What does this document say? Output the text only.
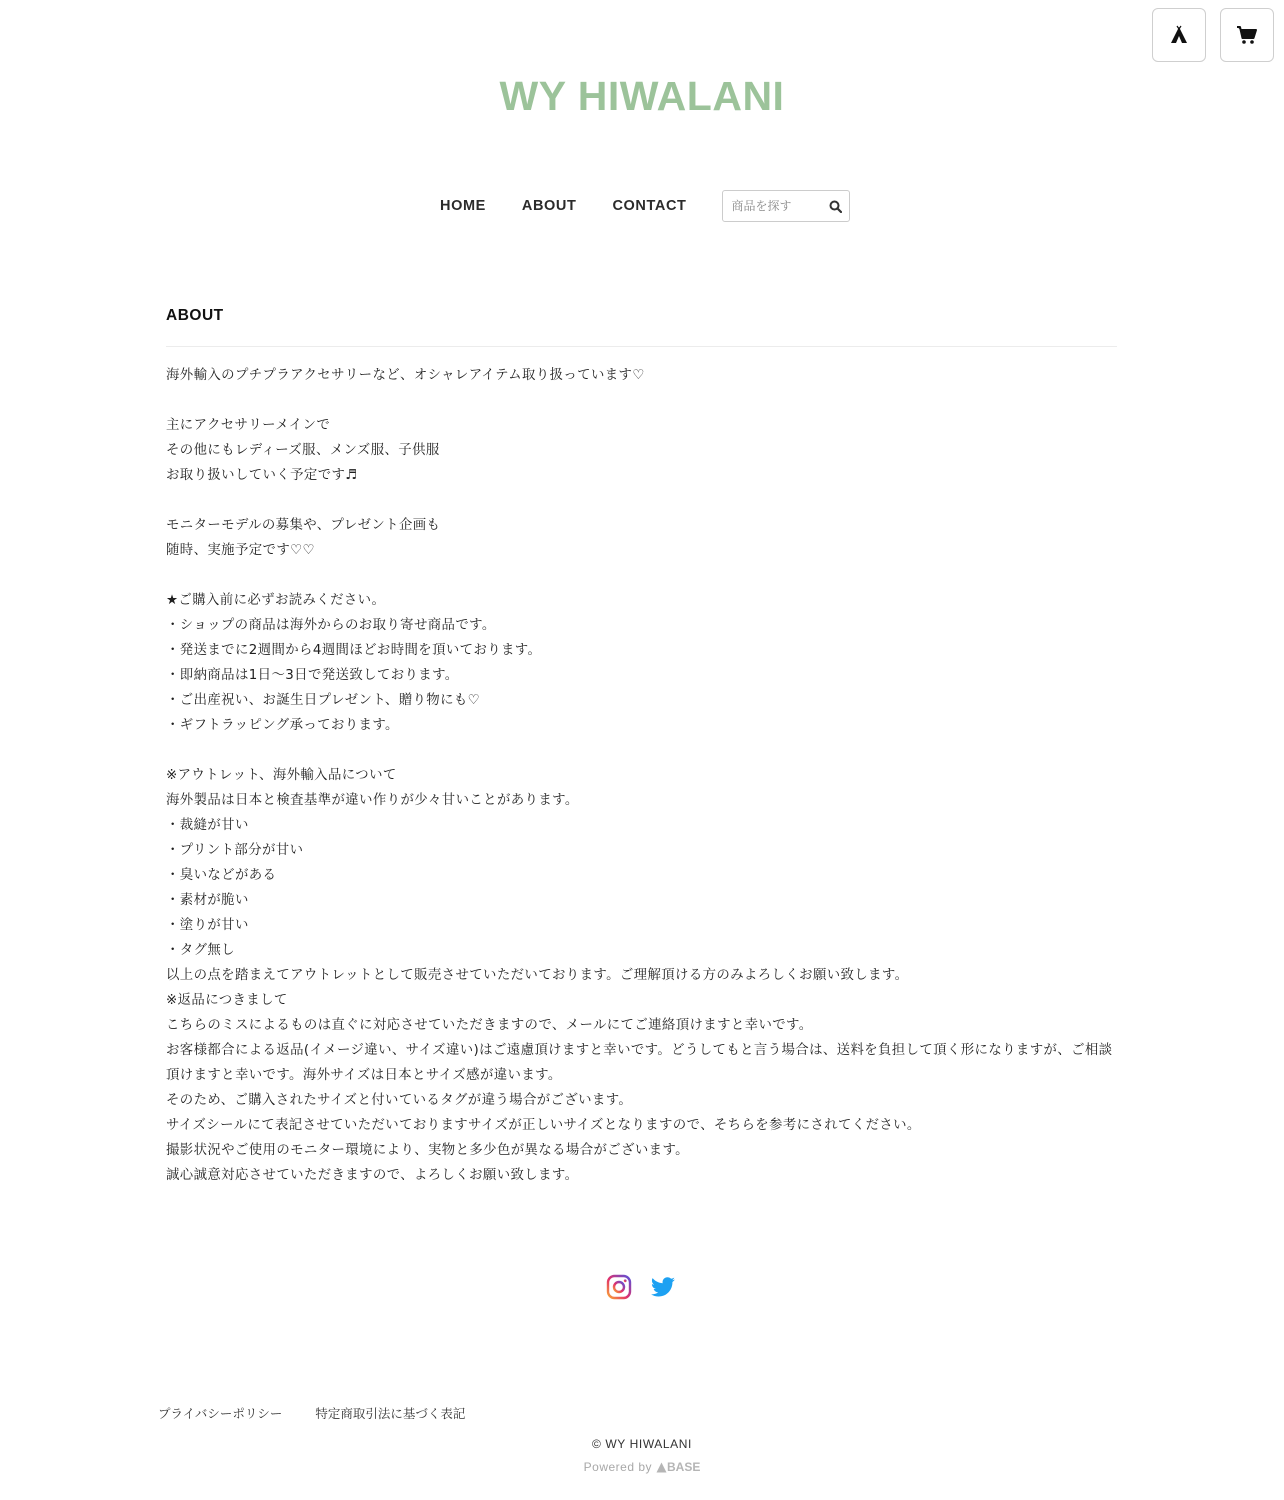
WY HIWALANI
HOME ABOUT CONTACT
商品を探す
ABOUT
海外輸入のプチプラアクセサリーなど、オシャレアイテム取り扱っています♡
主にアクセサリーメインで
その他にもレディーズ服、メンズ服、子供服
お取り扱いしていく予定です♬
モニターモデルの募集や、プレゼント企画も
随時、実施予定です♡♡
★ご購入前に必ずお読みください。
・ショップの商品は海外からのお取り寄せ商品です。
・発送までに2週間から4週間ほどお時間を頂いております。
・即納商品は1日〜3日で発送致しております。
・ご出産祝い、お誕生日プレゼント、贈り物にも♡
・ギフトラッピング承っております。
※アウトレット、海外輸入品について
海外製品は日本と検査基準が違い作りが少々甘いことがあります。
・裁縫が甘い
・プリント部分が甘い
・臭いなどがある
・素材が脆い
・塗りが甘い
・タグ無し
以上の点を踏まえてアウトレットとして販売させていただいております。ご理解頂ける方のみよろしくお願い致します。
※返品につきまして
こちらのミスによるものは直ぐに対応させていただきますので、メールにてご連絡頂けますと幸いです。
お客様都合による返品(イメージ違い、サイズ違い)はご遠慮頂けますと幸いです。どうしてもと言う場合は、送料を負担して頂く形になりますが、ご相談頂けますと幸いです。海外サイズは日本とサイズ感が違います。
そのため、ご購入されたサイズと付いているタグが違う場合がございます。
サイズシールにて表記させていただいておりますサイズが正しいサイズとなりますので、そちらを参考にされてください。
撮影状況やご使用のモニター環境により、実物と多少色が異なる場合がございます。
誠心誠意対応させていただきますので、よろしくお願い致します。
プライバシーポリシー	特定商取引法に基づく表記
© WY HIWALANI
Powered by BASE
